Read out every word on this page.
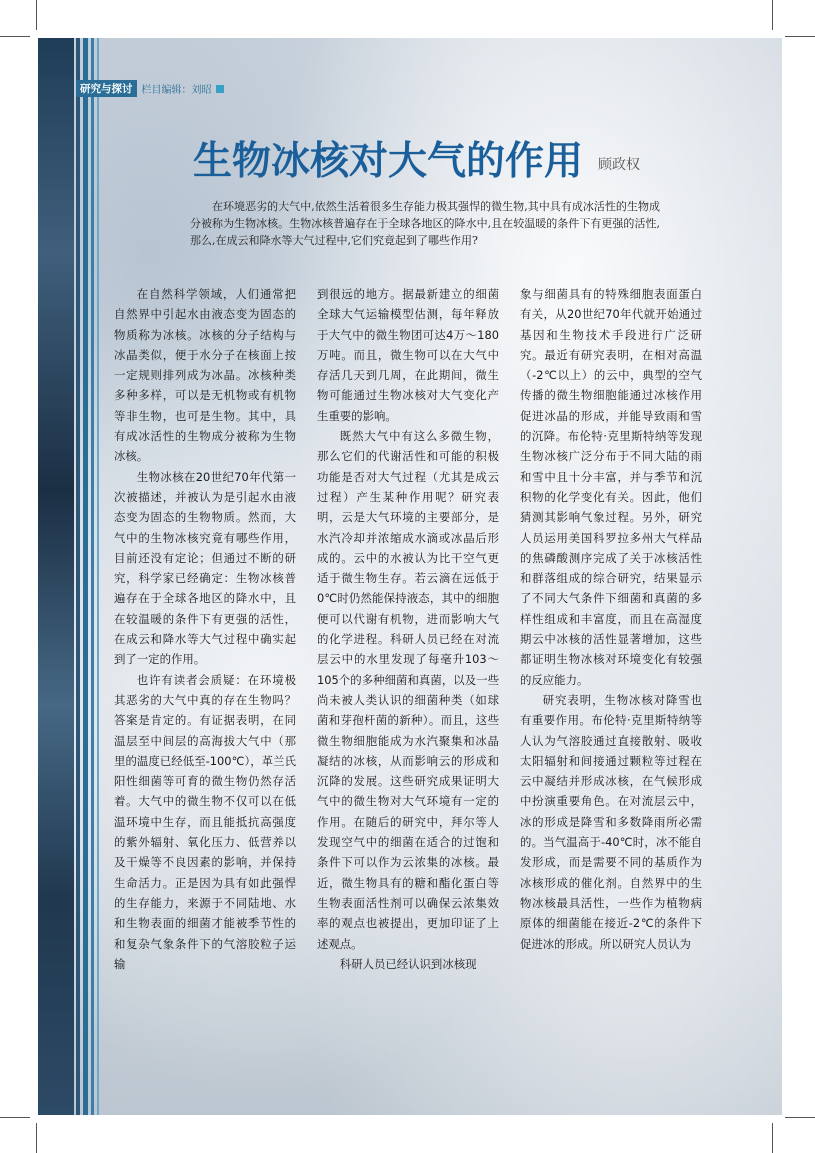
研究与探讨 栏目编辑：刘昭
生物冰核对大气的作用 顾政权
在环境恶劣的大气中,依然生活着很多生存能力极其强悍的微生物,其中具有成冰活性的生物成分被称为生物冰核。生物冰核普遍存在于全球各地区的降水中,且在较温暖的条件下有更强的活性,那么,在成云和降水等大气过程中,它们究竟起到了哪些作用?

在自然科学领域，人们通常把自然界中引起水由液态变为固态的物质称为冰核。冰核的分子结构与冰晶类似，便于水分子在核面上按一定规则排列成为冰晶。冰核种类多种多样，可以是无机物或有机物等非生物，也可是生物。其中，具有成冰活性的生物成分被称为生物冰核。

生物冰核在20世纪70年代第一次被描述，并被认为是引起水由液态变为固态的生物物质。然而，大气中的生物冰核究竟有哪些作用，目前还没有定论；但通过不断的研究，科学家已经确定：生物冰核普遍存在于全球各地区的降水中，且在较温暖的条件下有更强的活性，在成云和降水等大气过程中确实起到了一定的作用。

也许有读者会质疑：在环境极其恶劣的大气中真的存在生物吗？答案是肯定的。有证据表明，在同温层至中间层的高海拔大气中（那里的温度已经低至-100℃），革兰氏阳性细菌等可育的微生物仍然存活着。大气中的微生物不仅可以在低温环境中生存，而且能抵抗高强度的紫外辐射、氧化压力、低营养以及干燥等不良因素的影响，并保持生命活力。正是因为具有如此强悍的生存能力，来源于不同陆地、水和生物表面的细菌才能被季节性的和复杂气象条件下的气溶胶粒子运输

到很远的地方。据最新建立的细菌全球大气运输模型估测，每年释放于大气中的微生物团可达4万～180万吨。而且，微生物可以在大气中存活几天到几周，在此期间，微生物可能通过生物冰核对大气变化产生重要的影响。

既然大气中有这么多微生物，那么它们的代谢活性和可能的积极功能是否对大气过程（尤其是成云过程）产生某种作用呢？研究表明，云是大气环境的主要部分，是水汽冷却并浓缩成水滴或冰晶后形成的。云中的水被认为比干空气更适于微生物生存。若云滴在远低于0℃时仍然能保持液态，其中的细胞便可以代谢有机物，进而影响大气的化学进程。科研人员已经在对流层云中的水里发现了每毫升103～105个的多种细菌和真菌，以及一些尚未被人类认识的细菌种类（如球菌和芽孢杆菌的新种）。而且，这些微生物细胞能成为水汽聚集和冰晶凝结的冰核，从而影响云的形成和沉降的发展。这些研究成果证明大气中的微生物对大气环境有一定的作用。在随后的研究中，拜尔等人发现空气中的细菌在适合的过饱和条件下可以作为云浓集的冰核。最近，微生物具有的糖和酯化蛋白等生物表面活性剂可以确保云浓集效率的观点也被提出，更加印证了上述观点。

科研人员已经认识到冰核现

象与细菌具有的特殊细胞表面蛋白有关，从20世纪70年代就开始通过基因和生物技术手段进行广泛研究。最近有研究表明，在相对高温（-2℃以上）的云中，典型的空气传播的微生物细胞能通过冰核作用促进冰晶的形成，并能导致雨和雪的沉降。布伦特·克里斯特纳等发现生物冰核广泛分布于不同大陆的雨和雪中且十分丰富，并与季节和沉积物的化学变化有关。因此，他们猜测其影响气象过程。另外，研究人员运用美国科罗拉多州大气样品的焦磷酸测序完成了关于冰核活性和群落组成的综合研究，结果显示了不同大气条件下细菌和真菌的多样性组成和丰富度，而且在高湿度期云中冰核的活性显著增加，这些都证明生物冰核对环境变化有较强的反应能力。

研究表明，生物冰核对降雪也有重要作用。布伦特·克里斯特纳等人认为气溶胶通过直接散射、吸收太阳辐射和间接通过颗粒等过程在云中凝结并形成冰核，在气候形成中扮演重要角色。在对流层云中，冰的形成是降雪和多数降雨所必需的。当气温高于-40℃时，冰不能自发形成，而是需要不同的基质作为冰核形成的催化剂。自然界中的生物冰核最具活性，一些作为植物病原体的细菌能在接近-2℃的条件下促进冰的形成。所以研究人员认为
